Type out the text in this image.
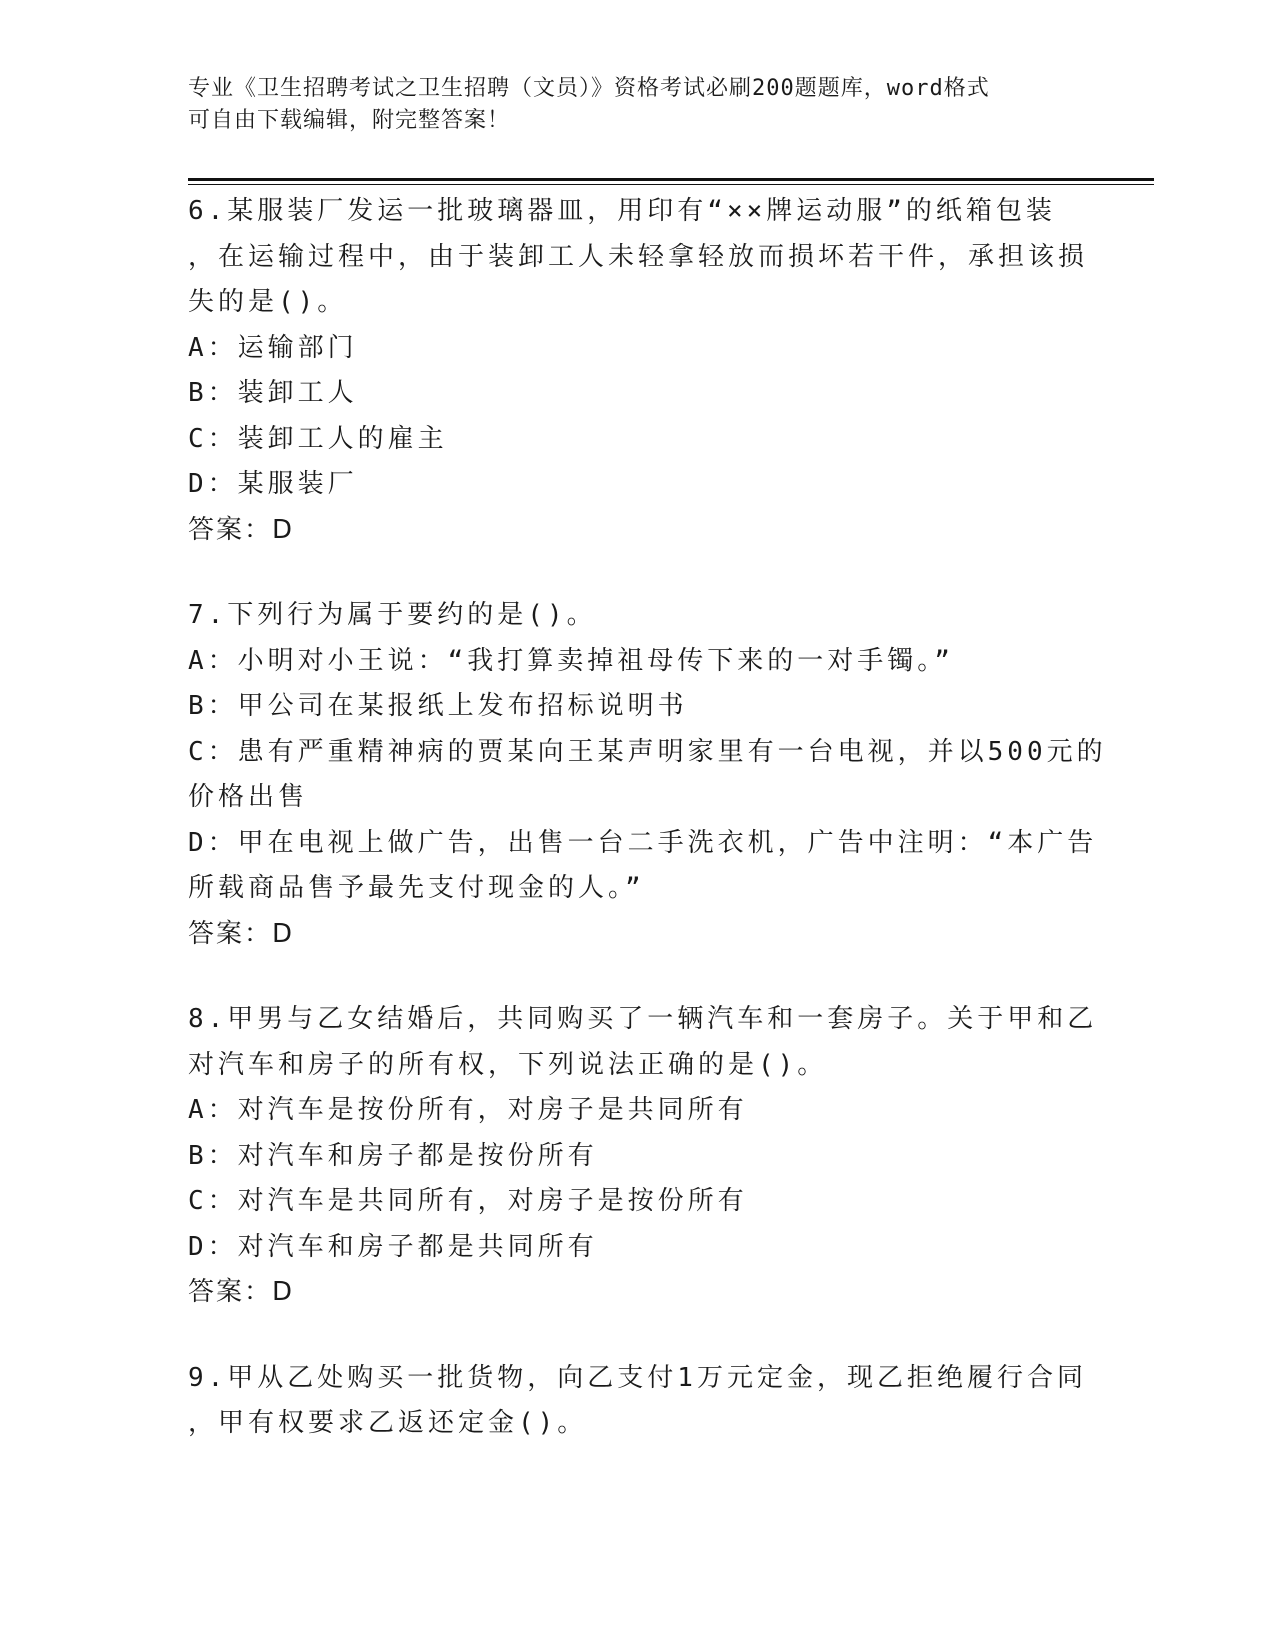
专业《卫生招聘考试之卫生招聘（文员）》资格考试必刷200题题库，word格式
可自由下载编辑，附完整答案！
6.某服装厂发运一批玻璃器皿，用印有“××牌运动服”的纸箱包装
，在运输过程中，由于装卸工人未轻拿轻放而损坏若干件，承担该损
失的是()。
A：运输部门
B：装卸工人
C：装卸工人的雇主
D：某服装厂
答案：D
7.下列行为属于要约的是()。
A：小明对小王说：“我打算卖掉祖母传下来的一对手镯。”
B：甲公司在某报纸上发布招标说明书
C：患有严重精神病的贾某向王某声明家里有一台电视，并以500元的
价格出售
D：甲在电视上做广告，出售一台二手洗衣机，广告中注明：“本广告
所载商品售予最先支付现金的人。”
答案：D
8.甲男与乙女结婚后，共同购买了一辆汽车和一套房子。关于甲和乙
对汽车和房子的所有权，下列说法正确的是()。
A：对汽车是按份所有，对房子是共同所有
B：对汽车和房子都是按份所有
C：对汽车是共同所有，对房子是按份所有
D：对汽车和房子都是共同所有
答案：D
9.甲从乙处购买一批货物，向乙支付1万元定金，现乙拒绝履行合同
，甲有权要求乙返还定金()。
